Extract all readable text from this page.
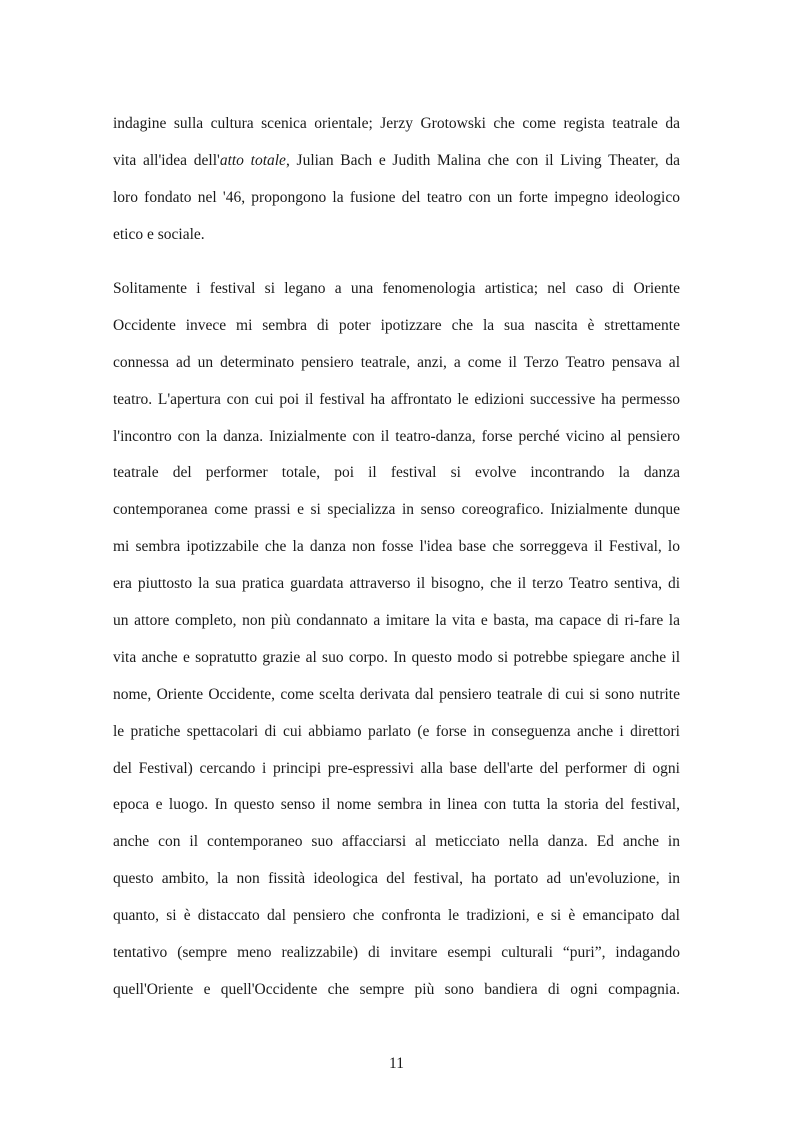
indagine sulla cultura scenica orientale; Jerzy Grotowski che come regista teatrale da
vita all'idea dell'atto totale, Julian Bach e Judith Malina che con il Living Theater, da
loro fondato nel '46, propongono la fusione del teatro con un forte impegno ideologico
etico e sociale.
Solitamente i festival si legano a una fenomenologia artistica; nel caso di Oriente
Occidente invece mi sembra di poter ipotizzare che la sua nascita è strettamente
connessa ad un determinato pensiero teatrale, anzi, a come il Terzo Teatro pensava al
teatro. L'apertura con cui poi il festival ha affrontato le edizioni successive ha permesso
l'incontro con la danza. Inizialmente con il teatro-danza, forse perché vicino al pensiero
teatrale del performer totale, poi il festival si evolve incontrando la danza
contemporanea come prassi e si specializza in senso coreografico. Inizialmente dunque
mi sembra ipotizzabile che la danza non fosse l'idea base che sorreggeva il Festival, lo
era piuttosto la sua pratica guardata attraverso il bisogno, che il terzo Teatro sentiva, di
un attore completo, non più condannato a imitare la vita e basta, ma capace di ri-fare la
vita anche e sopratutto grazie al suo corpo. In questo modo si potrebbe spiegare anche il
nome, Oriente Occidente, come scelta derivata dal pensiero teatrale di cui si sono nutrite
le pratiche spettacolari di cui abbiamo parlato (e forse in conseguenza anche i direttori
del Festival) cercando i principi pre-espressivi alla base dell'arte del performer di ogni
epoca e luogo. In questo senso il nome sembra in linea con tutta la storia del festival,
anche con il contemporaneo suo affacciarsi al meticciato nella danza. Ed anche in
questo ambito, la non fissità ideologica del festival, ha portato ad un'evoluzione, in
quanto, si è distaccato dal pensiero che confronta le tradizioni, e si è emancipato dal
tentativo (sempre meno realizzabile) di invitare esempi culturali “puri”, indagando
quell'Oriente e quell'Occidente che sempre più sono bandiera di ogni compagnia.
11
